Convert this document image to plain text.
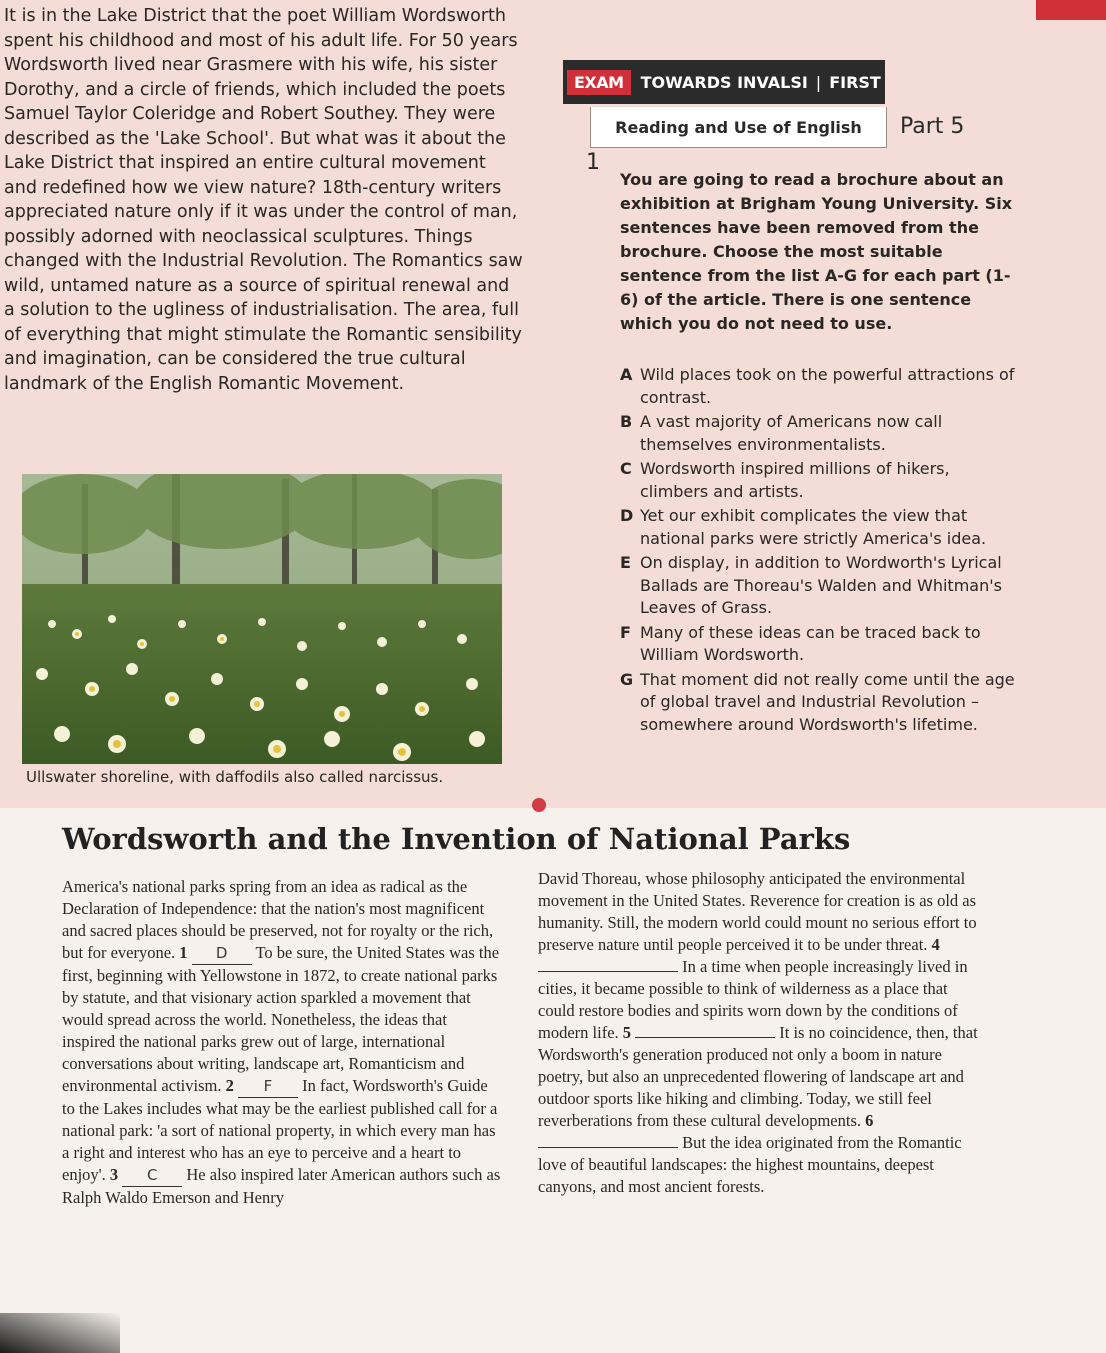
It is in the Lake District that the poet William Wordsworth spent his childhood and most of his adult life. For 50 years Wordsworth lived near Grasmere with his wife, his sister Dorothy, and a circle of friends, which included the poets Samuel Taylor Coleridge and Robert Southey. They were described as the 'Lake School'. But what was it about the Lake District that inspired an entire cultural movement and redefined how we view nature? 18th-century writers appreciated nature only if it was under the control of man, possibly adorned with neoclassical sculptures. Things changed with the Industrial Revolution. The Romantics saw wild, untamed nature as a source of spiritual renewal and a solution to the ugliness of industrialisation. The area, full of everything that might stimulate the Romantic sensibility and imagination, can be considered the true cultural landmark of the English Romantic Movement.

Ullswater shoreline, with daffodils also called narcissus.
EXAM	TOWARDS INVALSI | FIRST
Reading and Use of English	Part 5
1
You are going to read a brochure about an exhibition at Brigham Young University. Six sentences have been removed from the brochure. Choose the most suitable sentence from the list A-G for each part (1-6) of the article. There is one sentence which you do not need to use.
A Wild places took on the powerful attractions of contrast.
B A vast majority of Americans now call themselves environmentalists.
C Wordsworth inspired millions of hikers, climbers and artists.
D Yet our exhibit complicates the view that national parks were strictly America's idea.
E On display, in addition to Wordworth's Lyrical Ballads are Thoreau's Walden and Whitman's Leaves of Grass.
F Many of these ideas can be traced back to William Wordsworth.
G That moment did not really come until the age of global travel and Industrial Revolution – somewhere around Wordsworth's lifetime.
Wordsworth and the Invention of National Parks

America's national parks spring from an idea as radical as the Declaration of Independence: that the nation's most magnificent and sacred places should be preserved, not for royalty or the rich, but for everyone. 1 D To be sure, the United States was the first, beginning with Yellowstone in 1872, to create national parks by statute, and that visionary action sparkled a movement that would spread across the world. Nonetheless, the ideas that inspired the national parks grew out of large, international conversations about writing, landscape art, Romanticism and environmental activism. 2 F In fact, Wordsworth's Guide to the Lakes includes what may be the earliest published call for a national park: 'a sort of national property, in which every man has a right and interest who has an eye to perceive and a heart to enjoy'. 3 C He also inspired later American authors such as Ralph Waldo Emerson and Henry

David Thoreau, whose philosophy anticipated the environmental movement in the United States. Reverence for creation is as old as humanity. Still, the modern world could mount no serious effort to preserve nature until people perceived it to be under threat. 4  In a time when people increasingly lived in cities, it became possible to think of wilderness as a place that could restore bodies and spirits worn down by the conditions of modern life. 5	It is no coincidence, then, that Wordsworth's generation produced not only a boom in nature poetry, but also an unprecedented flowering of landscape art and outdoor sports like hiking and climbing. Today, we still feel reverberations from these cultural developments. 6  But the idea originated from the Romantic love of beautiful landscapes: the highest mountains, deepest canyons, and most ancient forests.
